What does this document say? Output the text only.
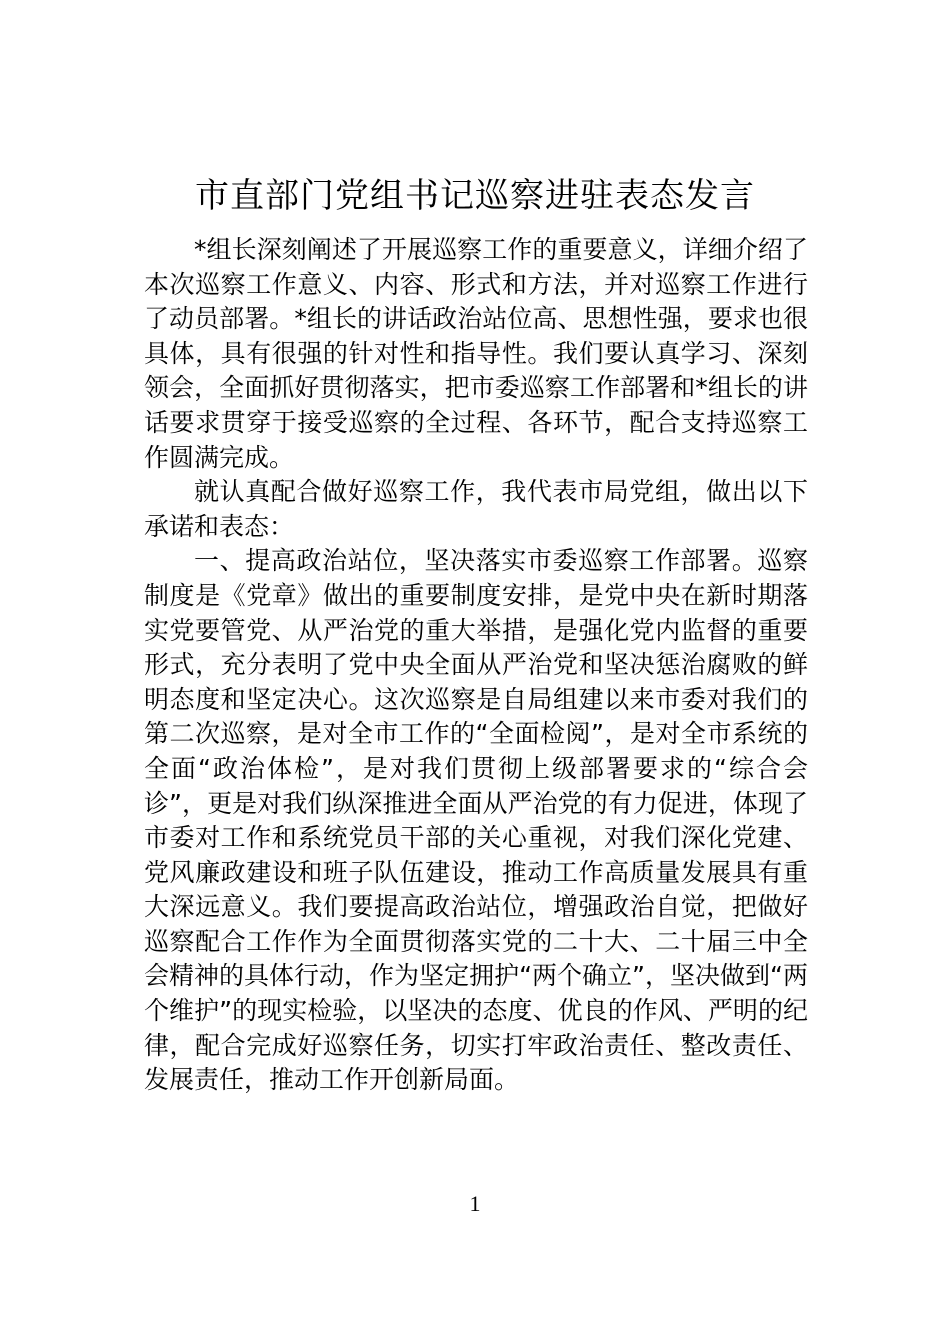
市直部门党组书记巡察进驻表态发言

*组长深刻阐述了开展巡察工作的重要意义，详细介绍了本次巡察工作意义、内容、形式和方法，并对巡察工作进行了动员部署。*组长的讲话政治站位高、思想性强，要求也很具体，具有很强的针对性和指导性。我们要认真学习、深刻领会，全面抓好贯彻落实，把市委巡察工作部署和*组长的讲话要求贯穿于接受巡察的全过程、各环节，配合支持巡察工作圆满完成。

就认真配合做好巡察工作，我代表市局党组，做出以下承诺和表态：

一、提高政治站位，坚决落实市委巡察工作部署。巡察制度是《党章》做出的重要制度安排，是党中央在新时期落实党要管党、从严治党的重大举措，是强化党内监督的重要形式，充分表明了党中央全面从严治党和坚决惩治腐败的鲜明态度和坚定决心。这次巡察是自局组建以来市委对我们的第二次巡察，是对全市工作的“全面检阅”，是对全市系统的全面“政治体检”，是对我们贯彻上级部署要求的“综合会诊”，更是对我们纵深推进全面从严治党的有力促进，体现了市委对工作和系统党员干部的关心重视，对我们深化党建、党风廉政建设和班子队伍建设，推动工作高质量发展具有重大深远意义。我们要提高政治站位，增强政治自觉，把做好巡察配合工作作为全面贯彻落实党的二十大、二十届三中全会精神的具体行动，作为坚定拥护“两个确立”，坚决做到“两个维护”的现实检验，以坚决的态度、优良的作风、严明的纪律，配合完成好巡察任务，切实打牢政治责任、整改责任、发展责任，推动工作开创新局面。

1
